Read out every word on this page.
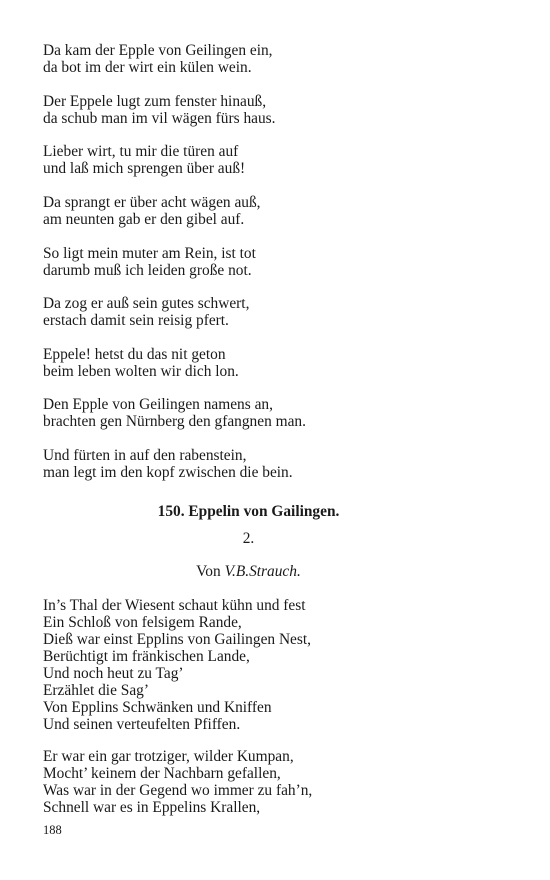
Da kam der Epple von Geilingen ein,
da bot im der wirt ein külen wein.
Der Eppele lugt zum fenster hinauß,
da schub man im vil wägen fürs haus.
Lieber wirt, tu mir die türen auf
und laß mich sprengen über auß!
Da sprangt er über acht wägen auß,
am neunten gab er den gibel auf.
So ligt mein muter am Rein, ist tot
darumb muß ich leiden große not.
Da zog er auß sein gutes schwert,
erstach damit sein reisig pfert.
Eppele! hetst du das nit geton
beim leben wolten wir dich lon.
Den Epple von Geilingen namens an,
brachten gen Nürnberg den gfangnen man.
Und fürten in auf den rabenstein,
man legt im den kopf zwischen die bein.
150. Eppelin von Gailingen.
2.
Von V.B.Strauch.
In’s Thal der Wiesent schaut kühn und fest
Ein Schloß von felsigem Rande,
Dieß war einst Epplins von Gailingen Nest,
Berüchtigt im fränkischen Lande,
Und noch heut zu Tag’
Erzählet die Sag’
Von Epplins Schwänken und Kniffen
Und seinen verteufelten Pfiffen.
Er war ein gar trotziger, wilder Kumpan,
Mocht’ keinem der Nachbarn gefallen,
Was war in der Gegend wo immer zu fah’n,
Schnell war es in Eppelins Krallen,
188
